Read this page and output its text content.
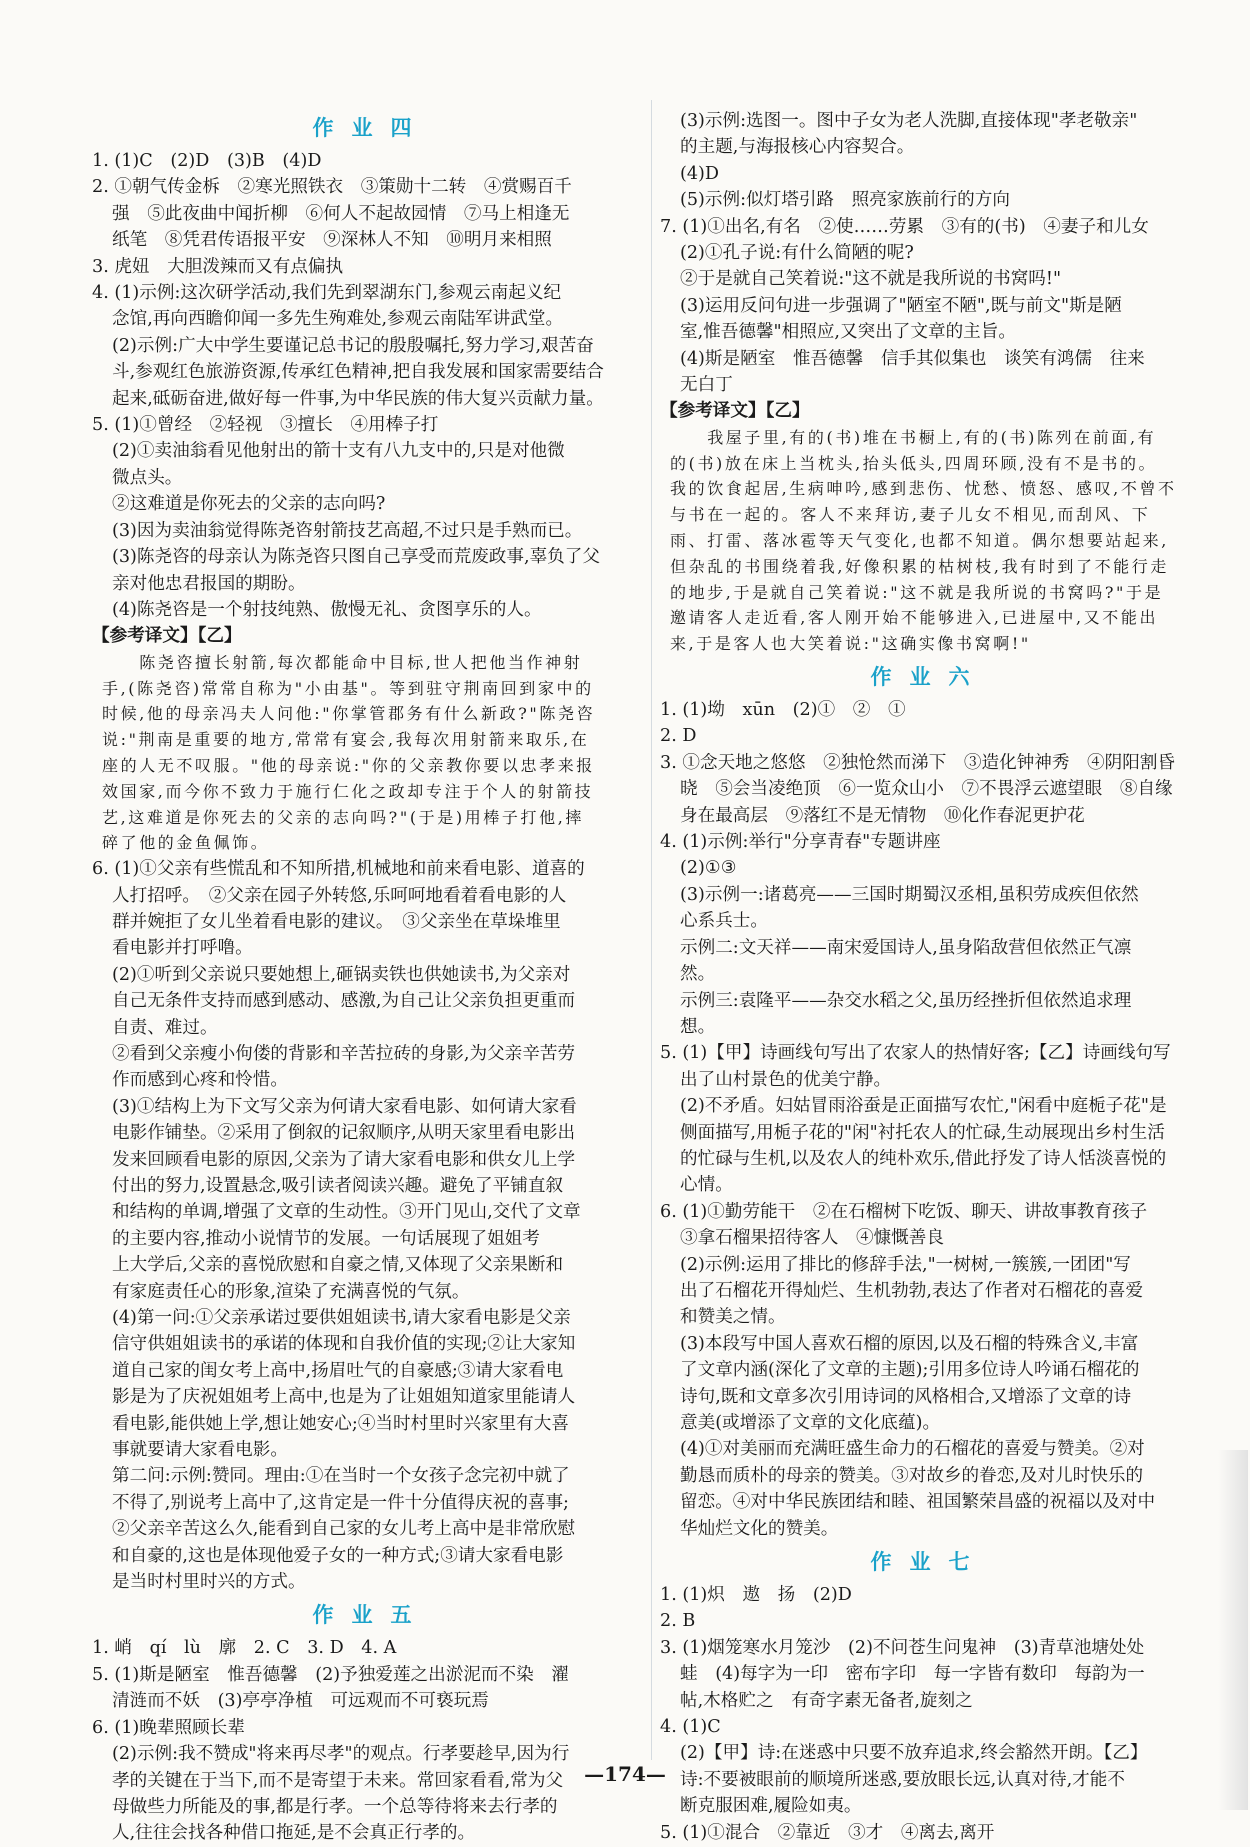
作业四
1. (1)C　(2)D　(3)B　(4)D
2. ①朝气传金柝　②寒光照铁衣　③策勋十二转　④赏赐百千
强　⑤此夜曲中闻折柳　⑥何人不起故园情　⑦马上相逢无
纸笔　⑧凭君传语报平安　⑨深林人不知　⑩明月来相照
3. 虎妞　大胆泼辣而又有点偏执
4. (1)示例:这次研学活动,我们先到翠湖东门,参观云南起义纪
念馆,再向西瞻仰闻一多先生殉难处,参观云南陆军讲武堂。
(2)示例:广大中学生要谨记总书记的殷殷嘱托,努力学习,艰苦奋
斗,参观红色旅游资源,传承红色精神,把自我发展和国家需要结合
起来,砥砺奋进,做好每一件事,为中华民族的伟大复兴贡献力量。
5. (1)①曾经　②轻视　③擅长　④用棒子打
(2)①卖油翁看见他射出的箭十支有八九支中的,只是对他微
微点头。
②这难道是你死去的父亲的志向吗?
(3)因为卖油翁觉得陈尧咨射箭技艺高超,不过只是手熟而已。
(3)陈尧咨的母亲认为陈尧咨只图自己享受而荒废政事,辜负了父
亲对他忠君报国的期盼。
(4)陈尧咨是一个射技纯熟、傲慢无礼、贪图享乐的人。
【参考译文】【乙】
　　陈尧咨擅长射箭,每次都能命中目标,世人把他当作神射
手,(陈尧咨)常常自称为"小由基"。等到驻守荆南回到家中的
时候,他的母亲冯夫人问他:"你掌管郡务有什么新政?"陈尧咨
说:"荆南是重要的地方,常常有宴会,我每次用射箭来取乐,在
座的人无不叹服。"他的母亲说:"你的父亲教你要以忠孝来报
效国家,而今你不致力于施行仁化之政却专注于个人的射箭技
艺,这难道是你死去的父亲的志向吗?"(于是)用棒子打他,摔
碎了他的金鱼佩饰。
6. (1)①父亲有些慌乱和不知所措,机械地和前来看电影、道喜的
人打招呼。　②父亲在园子外转悠,乐呵呵地看着看电影的人
群并婉拒了女儿坐着看电影的建议。　③父亲坐在草垛堆里
看电影并打呼噜。
(2)①听到父亲说只要她想上,砸锅卖铁也供她读书,为父亲对
自己无条件支持而感到感动、感激,为自己让父亲负担更重而
自责、难过。
②看到父亲瘦小佝偻的背影和辛苦拉砖的身影,为父亲辛苦劳
作而感到心疼和怜惜。
(3)①结构上为下文写父亲为何请大家看电影、如何请大家看
电影作铺垫。②采用了倒叙的记叙顺序,从明天家里看电影出
发来回顾看电影的原因,父亲为了请大家看电影和供女儿上学
付出的努力,设置悬念,吸引读者阅读兴趣。避免了平铺直叙
和结构的单调,增强了文章的生动性。③开门见山,交代了文章
的主要内容,推动小说情节的发展。一句话展现了姐姐考
上大学后,父亲的喜悦欣慰和自豪之情,又体现了父亲果断和
有家庭责任心的形象,渲染了充满喜悦的气氛。
(4)第一问:①父亲承诺过要供姐姐读书,请大家看电影是父亲
信守供姐姐读书的承诺的体现和自我价值的实现;②让大家知
道自己家的闺女考上高中,扬眉吐气的自豪感;③请大家看电
影是为了庆祝姐姐考上高中,也是为了让姐姐知道家里能请人
看电影,能供她上学,想让她安心;④当时村里时兴家里有大喜
事就要请大家看电影。
第二问:示例:赞同。理由:①在当时一个女孩子念完初中就了
不得了,别说考上高中了,这肯定是一件十分值得庆祝的喜事;
②父亲辛苦这么久,能看到自己家的女儿考上高中是非常欣慰
和自豪的,这也是体现他爱子女的一种方式;③请大家看电影
是当时村里时兴的方式。
作业五
1. 峭　qí　lù　廓　2. C　3. D　4. A
5. (1)斯是陋室　惟吾德馨　(2)予独爱莲之出淤泥而不染　濯
清涟而不妖　(3)亭亭净植　可远观而不可亵玩焉
6. (1)晚辈照顾长辈
(2)示例:我不赞成"将来再尽孝"的观点。行孝要趁早,因为行
孝的关键在于当下,而不是寄望于未来。常回家看看,常为父
母做些力所能及的事,都是行孝。一个总等待将来去行孝的
人,往往会找各种借口拖延,是不会真正行孝的。
(3)示例:选图一。图中子女为老人洗脚,直接体现"孝老敬亲"
的主题,与海报核心内容契合。
(4)D
(5)示例:似灯塔引路　照亮家族前行的方向
7. (1)①出名,有名　②使……劳累　③有的(书)　④妻子和儿女
(2)①孔子说:有什么简陋的呢?
②于是就自己笑着说:"这不就是我所说的书窝吗!"
(3)运用反问句进一步强调了"陋室不陋",既与前文"斯是陋
室,惟吾德馨"相照应,又突出了文章的主旨。
(4)斯是陋室　惟吾德馨　信手其似集也　谈笑有鸿儒　往来
无白丁
【参考译文】【乙】
　　我屋子里,有的(书)堆在书橱上,有的(书)陈列在前面,有
的(书)放在床上当枕头,抬头低头,四周环顾,没有不是书的。
我的饮食起居,生病呻吟,感到悲伤、忧愁、愤怒、感叹,不曾不
与书在一起的。客人不来拜访,妻子儿女不相见,而刮风、下
雨、打雷、落冰雹等天气变化,也都不知道。偶尔想要站起来,
但杂乱的书围绕着我,好像积累的枯树枝,我有时到了不能行走
的地步,于是就自己笑着说:"这不就是我所说的书窝吗?"于是
邀请客人走近看,客人刚开始不能够进入,已进屋中,又不能出
来,于是客人也大笑着说:"这确实像书窝啊!"
作业六
1. (1)坳　xūn　(2)①　②　①
2. D
3. ①念天地之悠悠　②独怆然而涕下　③造化钟神秀　④阴阳割昏
晓　⑤会当凌绝顶　⑥一览众山小　⑦不畏浮云遮望眼　⑧自缘
身在最高层　⑨落红不是无情物　⑩化作春泥更护花
4. (1)示例:举行"分享青春"专题讲座
(2)①③
(3)示例一:诸葛亮——三国时期蜀汉丞相,虽积劳成疾但依然
心系兵士。
示例二:文天祥——南宋爱国诗人,虽身陷敌营但依然正气凛
然。
示例三:袁隆平——杂交水稻之父,虽历经挫折但依然追求理
想。
5. (1)【甲】诗画线句写出了农家人的热情好客;【乙】诗画线句写
出了山村景色的优美宁静。
(2)不矛盾。妇姑冒雨浴蚕是正面描写农忙,"闲看中庭栀子花"是
侧面描写,用栀子花的"闲"衬托农人的忙碌,生动展现出乡村生活
的忙碌与生机,以及农人的纯朴欢乐,借此抒发了诗人恬淡喜悦的
心情。
6. (1)①勤劳能干　②在石榴树下吃饭、聊天、讲故事教育孩子
③拿石榴果招待客人　④慷慨善良
(2)示例:运用了排比的修辞手法,"一树树,一簇簇,一团团"写
出了石榴花开得灿烂、生机勃勃,表达了作者对石榴花的喜爱
和赞美之情。
(3)本段写中国人喜欢石榴的原因,以及石榴的特殊含义,丰富
了文章内涵(深化了文章的主题);引用多位诗人吟诵石榴花的
诗句,既和文章多次引用诗词的风格相合,又增添了文章的诗
意美(或增添了文章的文化底蕴)。
(4)①对美丽而充满旺盛生命力的石榴花的喜爱与赞美。②对
勤恳而质朴的母亲的赞美。③对故乡的眷恋,及对儿时快乐的
留恋。④对中华民族团结和睦、祖国繁荣昌盛的祝福以及对中
华灿烂文化的赞美。
作业七
1. (1)炽　遨　扬　(2)D
2. B
3. (1)烟笼寒水月笼沙　(2)不问苍生问鬼神　(3)青草池塘处处
蛙　(4)每字为一印　密布字印　每一字皆有数印　每韵为一
帖,木格贮之　有奇字素无备者,旋刻之
4. (1)C
(2)【甲】诗:在迷惑中只要不放弃追求,终会豁然开朗。【乙】
诗:不要被眼前的顺境所迷惑,要放眼长远,认真对待,才能不
断克服困难,履险如夷。
5. (1)①混合　②靠近　③才　④离去,离开
—174—
